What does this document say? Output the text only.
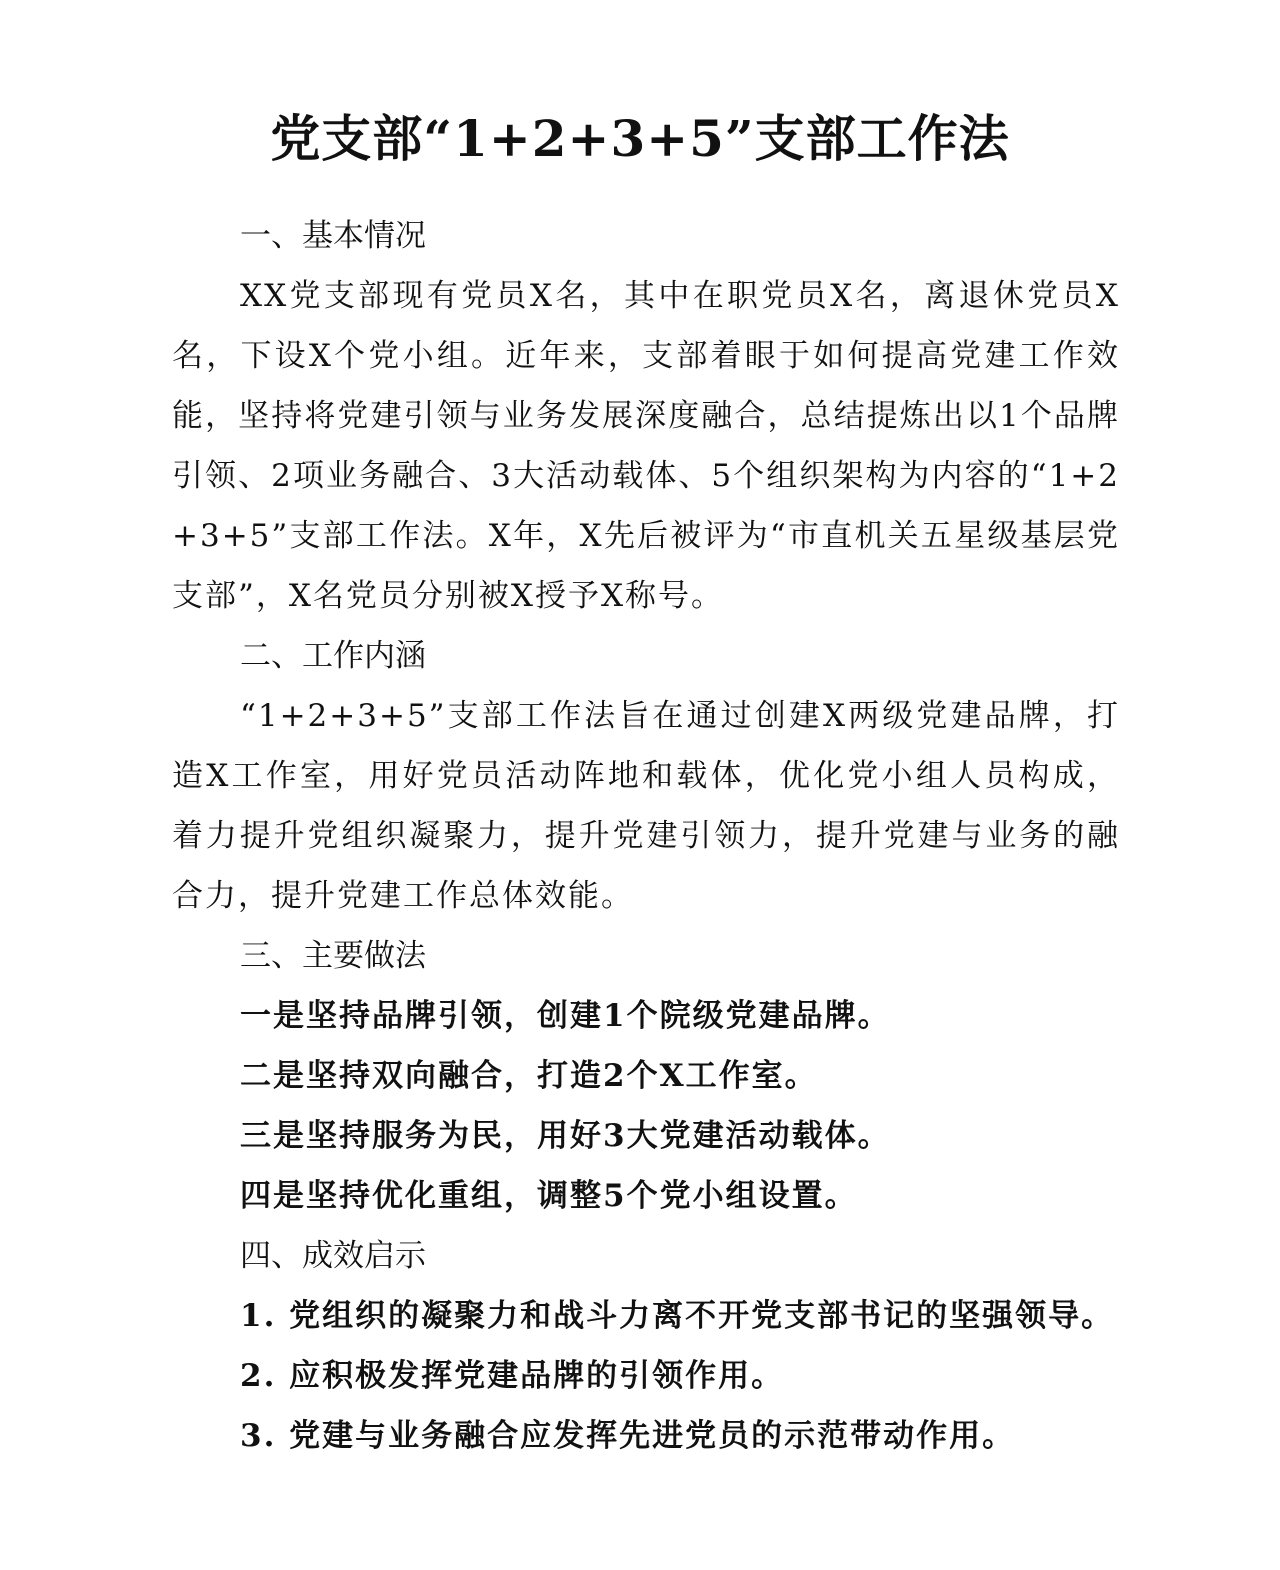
党支部“1+2+3+5”支部工作法
一、基本情况

XX党支部现有党员X名，其中在职党员X名，离退休党员X名，下设X个党小组。近年来，支部着眼于如何提高党建工作效能，坚持将党建引领与业务发展深度融合，总结提炼出以1个品牌引领、2项业务融合、3大活动载体、5个组织架构为内容的“1+2+3+5”支部工作法。X年，X先后被评为“市直机关五星级基层党支部”，X名党员分别被X授予X称号。

二、工作内涵

“1+2+3+5”支部工作法旨在通过创建X两级党建品牌，打造X工作室，用好党员活动阵地和载体，优化党小组人员构成，着力提升党组织凝聚力，提升党建引领力，提升党建与业务的融合力，提升党建工作总体效能。

三、主要做法

一是坚持品牌引领，创建1个院级党建品牌。

二是坚持双向融合，打造2个X工作室。

三是坚持服务为民，用好3大党建活动载体。

四是坚持优化重组，调整5个党小组设置。

四、成效启示

1. 党组织的凝聚力和战斗力离不开党支部书记的坚强领导。

2. 应积极发挥党建品牌的引领作用。

3. 党建与业务融合应发挥先进党员的示范带动作用。
